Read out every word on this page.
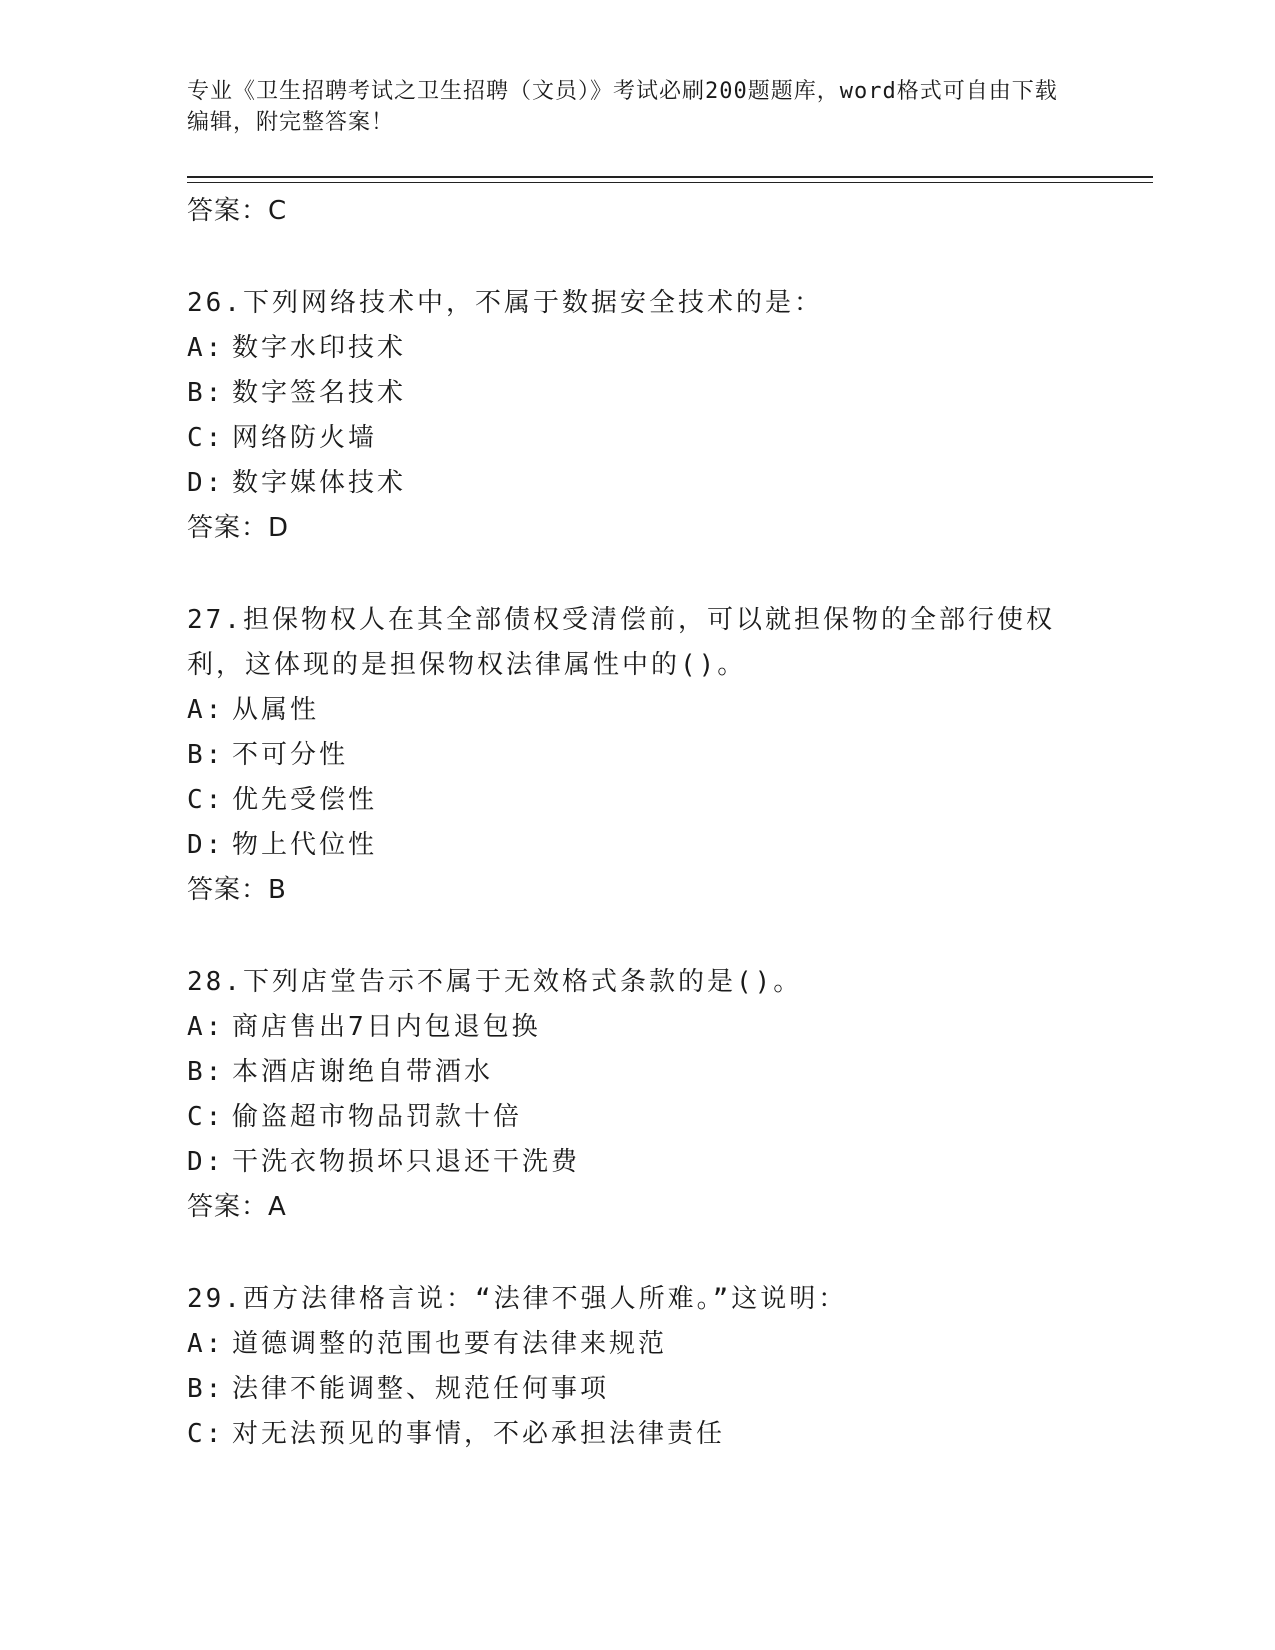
专业《卫生招聘考试之卫生招聘（文员）》考试必刷200题题库，word格式可自由下载编辑，附完整答案！

答案：C

26.下列网络技术中，不属于数据安全技术的是：

A: 数字水印技术

B: 数字签名技术

C: 网络防火墙

D: 数字媒体技术

答案：D

27.担保物权人在其全部债权受清偿前，可以就担保物的全部行使权利，这体现的是担保物权法律属性中的()。

A: 从属性

B: 不可分性

C: 优先受偿性

D: 物上代位性

答案：B

28.下列店堂告示不属于无效格式条款的是()。

A: 商店售出7日内包退包换

B: 本酒店谢绝自带酒水

C: 偷盗超市物品罚款十倍

D: 干洗衣物损坏只退还干洗费

答案：A

29.西方法律格言说：“法律不强人所难。”这说明：

A: 道德调整的范围也要有法律来规范

B: 法律不能调整、规范任何事项

C: 对无法预见的事情，不必承担法律责任
